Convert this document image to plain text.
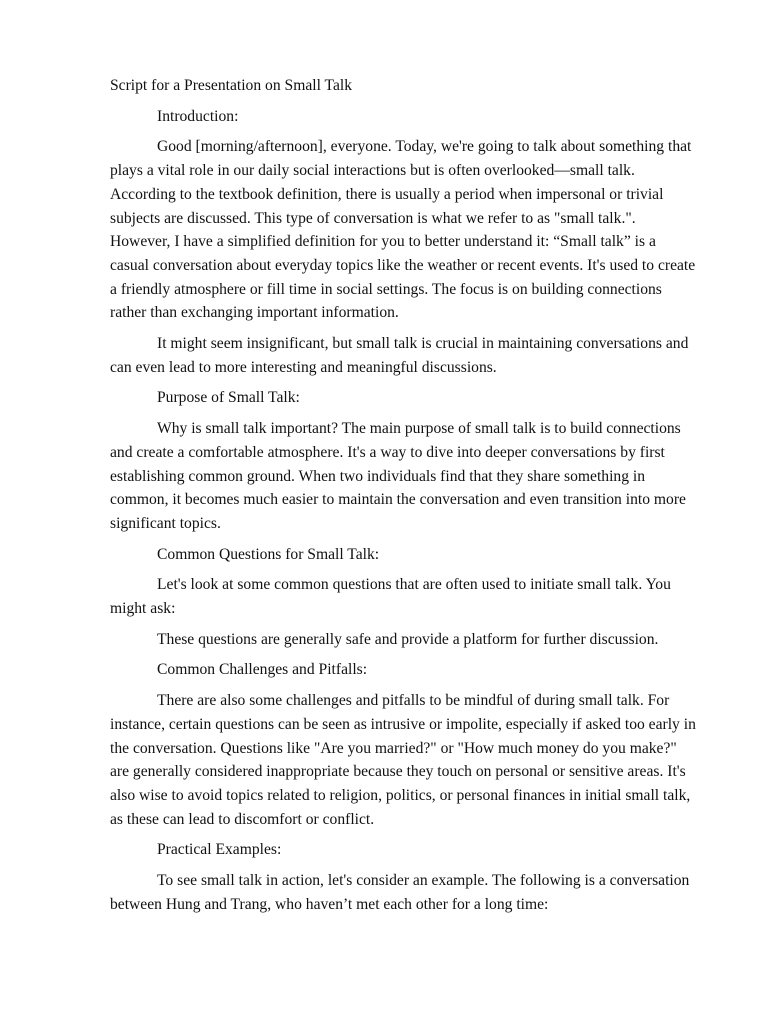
Script for a Presentation on Small Talk

Introduction:

Good [morning/afternoon], everyone. Today, we're going to talk about something that plays a vital role in our daily social interactions but is often overlooked—small talk. According to the textbook definition, there is usually a period when impersonal or trivial subjects are discussed. This type of conversation is what we refer to as "small talk.". However, I have a simplified definition for you to better understand it: “Small talk” is a casual conversation about everyday topics like the weather or recent events. It's used to create a friendly atmosphere or fill time in social settings. The focus is on building connections rather than exchanging important information.

It might seem insignificant, but small talk is crucial in maintaining conversations and can even lead to more interesting and meaningful discussions.

Purpose of Small Talk:

Why is small talk important? The main purpose of small talk is to build connections and create a comfortable atmosphere. It's a way to dive into deeper conversations by first establishing common ground. When two individuals find that they share something in common, it becomes much easier to maintain the conversation and even transition into more significant topics.

Common Questions for Small Talk:

Let's look at some common questions that are often used to initiate small talk. You might ask:

These questions are generally safe and provide a platform for further discussion.

Common Challenges and Pitfalls:

There are also some challenges and pitfalls to be mindful of during small talk. For instance, certain questions can be seen as intrusive or impolite, especially if asked too early in the conversation. Questions like "Are you married?" or "How much money do you make?" are generally considered inappropriate because they touch on personal or sensitive areas. It's also wise to avoid topics related to religion, politics, or personal finances in initial small talk, as these can lead to discomfort or conflict.

Practical Examples:

To see small talk in action, let's consider an example. The following is a conversation between Hung and Trang, who haven’t met each other for a long time:
